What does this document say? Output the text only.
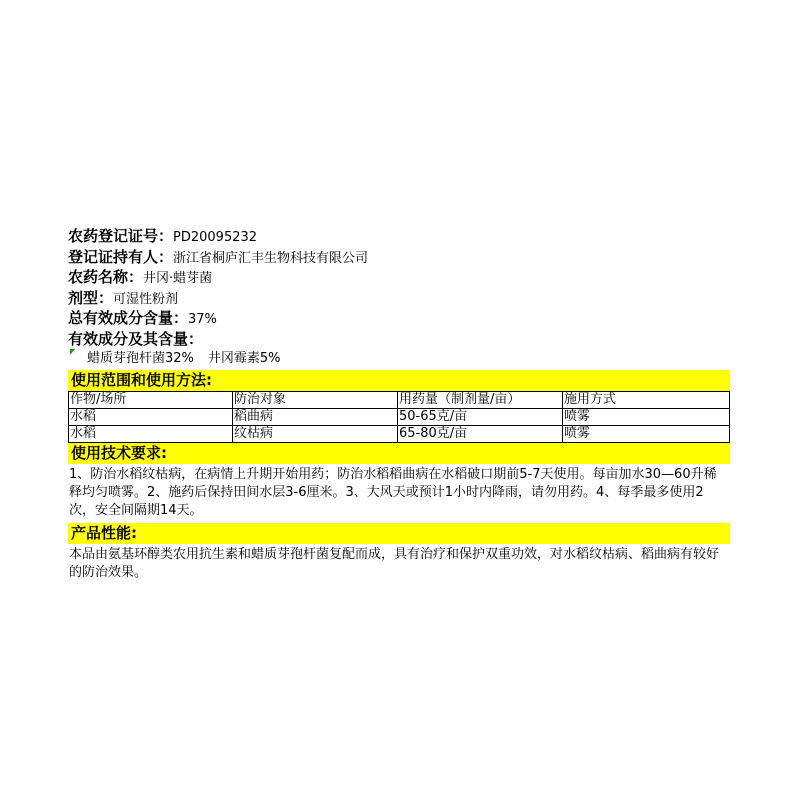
农药登记证号：PD20095232
登记证持有人：浙江省桐庐汇丰生物科技有限公司
农药名称：井冈·蜡芽菌
剂型：可湿性粉剂
总有效成分含量：37%
有效成分及其含量：
蜡质芽孢杆菌32% 井冈霉素5%
使用范围和使用方法:
作物/场所	防治对象	用药量（制剂量/亩）	施用方式
水稻	稻曲病	50-65克/亩	喷雾
水稻	纹枯病	65-80克/亩	喷雾
使用技术要求:
1、防治水稻纹枯病，在病情上升期开始用药；防治水稻稻曲病在水稻破口期前5-7天使用。每亩加水30—60升稀释均匀喷雾。2、施药后保持田间水层3-6厘米。3、大风天或预计1小时内降雨，请勿用药。4、每季最多使用2次，安全间隔期14天。
产品性能:
本品由氨基环醇类农用抗生素和蜡质芽孢杆菌复配而成，具有治疗和保护双重功效，对水稻纹枯病、稻曲病有较好的防治效果。
